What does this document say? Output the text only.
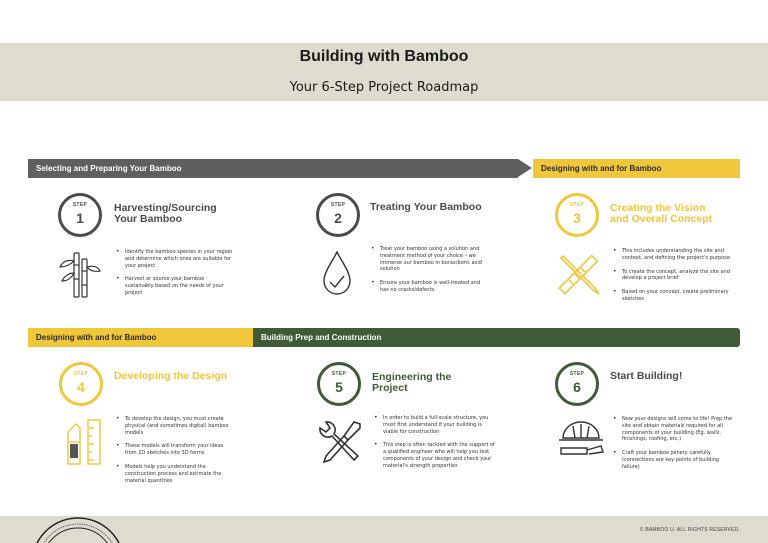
Building with Bamboo
Your 6-Step Project Roadmap
Selecting and Preparing Your Bamboo	Designing with and for Bamboo
Designing with and for Bamboo	Building Prep and Construction
STEP
1
Harvesting/Sourcing
Your Bamboo
• Identify the bamboo species in your region and determine which ones are suitable for your project
• Harvest or source your bamboo sustainably based on the needs of your project
STEP
2
Treating Your Bamboo
• Treat your bamboo using a solution and treatment method of your choice – we immerse our bamboo in borax/boric acid solution
• Ensure your bamboo is well-treated and has no cracks/defects
STEP
3
Creating the Vision
and Overall Concept
• This includes understanding the site and context, and defining the project's purpose
• To create the concept, analyze the site and develop a project brief
• Based on your concept, create preliminary sketches
STEP
4
Developing the Design
• To develop the design, you must create physical (and sometimes digital) bamboo models
• These models will transform your ideas from 2D sketches into 3D forms
• Models help you understand the construction process and estimate the material quantities
STEP
5
Engineering the
Project
• In order to build a full-scale structure, you must first understand if your building is viable for construction
• This step is often tackled with the support of a qualified engineer who will help you test components of your design and check your material's strength properties
STEP
6
Start Building!
• Now your designs will come to life! Prep the site and obtain materials required for all components of your building (Eg. walls, finishings, roofing, etc.)
• Craft your bamboo joinery carefully (connections are key points of building failure)
© BAMBOO U. ALL RIGHTS RESERVED.
